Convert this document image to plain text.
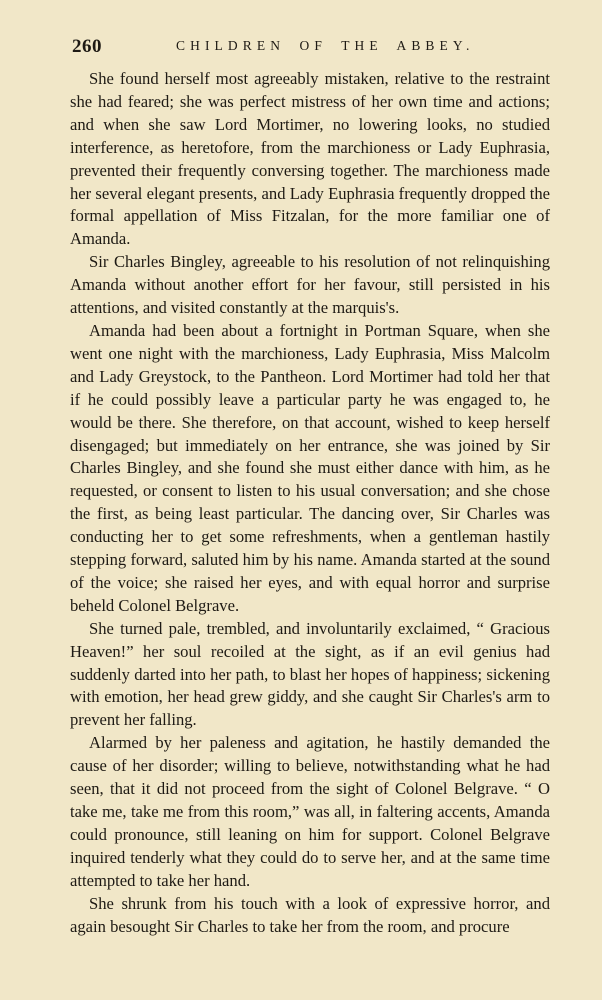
260	CHILDREN OF THE ABBEY.

She found herself most agreeably mistaken, relative to the restraint she had feared; she was perfect mistress of her own time and actions; and when she saw Lord Mortimer, no lowering looks, no studied interference, as heretofore, from the marchioness or Lady Euphrasia, prevented their frequently conversing together. The marchioness made her several elegant presents, and Lady Euphrasia frequently dropped the formal appellation of Miss Fitzalan, for the more familiar one of Amanda.

Sir Charles Bingley, agreeable to his resolution of not relinquishing Amanda without another effort for her favour, still persisted in his attentions, and visited constantly at the marquis's.

Amanda had been about a fortnight in Portman Square, when she went one night with the marchioness, Lady Euphrasia, Miss Malcolm and Lady Greystock, to the Pantheon. Lord Mortimer had told her that if he could possibly leave a particular party he was engaged to, he would be there. She therefore, on that account, wished to keep herself disengaged; but immediately on her entrance, she was joined by Sir Charles Bingley, and she found she must either dance with him, as he requested, or consent to listen to his usual conversation; and she chose the first, as being least particular. The dancing over, Sir Charles was conducting her to get some refreshments, when a gentleman hastily stepping forward, saluted him by his name. Amanda started at the sound of the voice; she raised her eyes, and with equal horror and surprise beheld Colonel Belgrave.

She turned pale, trembled, and involuntarily exclaimed, “ Gracious Heaven!” her soul recoiled at the sight, as if an evil genius had suddenly darted into her path, to blast her hopes of happiness; sickening with emotion, her head grew giddy, and she caught Sir Charles's arm to prevent her falling.

Alarmed by her paleness and agitation, he hastily demanded the cause of her disorder; willing to believe, notwithstanding what he had seen, that it did not proceed from the sight of Colonel Belgrave. “ O take me, take me from this room,” was all, in faltering accents, Amanda could pronounce, still leaning on him for support. Colonel Belgrave inquired tenderly what they could do to serve her, and at the same time attempted to take her hand.

She shrunk from his touch with a look of expressive horror, and again besought Sir Charles to take her from the room, and procure
